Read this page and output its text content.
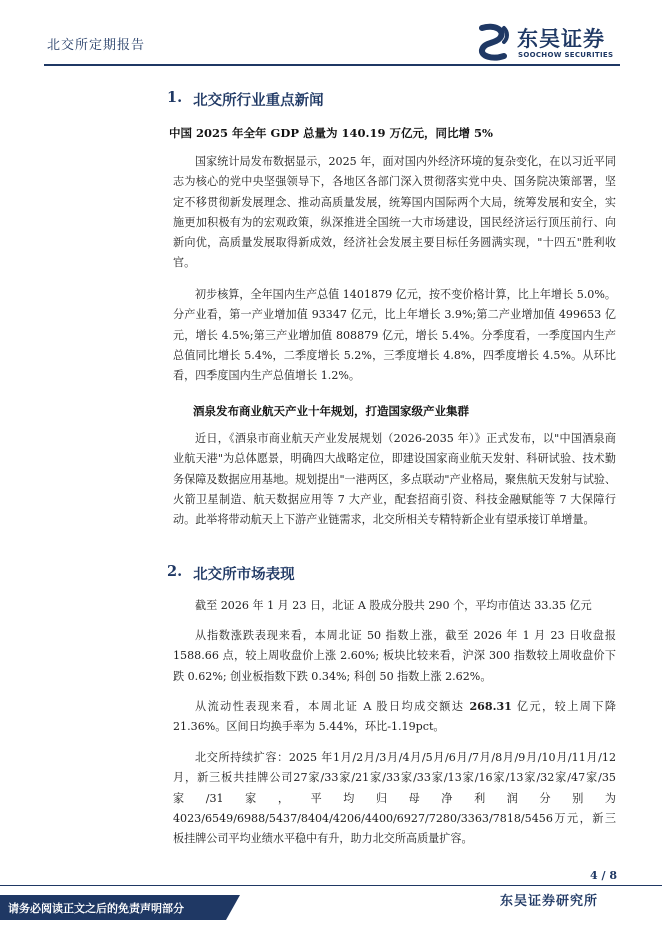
北交所定期报告	东吴证券
SOOCHOW SECURITIES
1. 北交所行业重点新闻
中国 2025 年全年 GDP 总量为 140.19 万亿元，同比增 5%
国家统计局发布数据显示，2025 年，面对国内外经济环境的复杂变化，在以习近平同志为核心的党中央坚强领导下，各地区各部门深入贯彻落实党中央、国务院决策部署，坚定不移贯彻新发展理念、推动高质量发展，统筹国内国际两个大局，统筹发展和安全，实施更加积极有为的宏观政策，纵深推进全国统一大市场建设，国民经济运行顶压前行、向新向优，高质量发展取得新成效，经济社会发展主要目标任务圆满实现，"十四五"胜利收官。
初步核算，全年国内生产总值 1401879 亿元，按不变价格计算，比上年增长 5.0%。分产业看，第一产业增加值 93347 亿元，比上年增长 3.9%;第二产业增加值 499653 亿元，增长 4.5%;第三产业增加值 808879 亿元，增长 5.4%。分季度看，一季度国内生产总值同比增长 5.4%，二季度增长 5.2%，三季度增长 4.8%，四季度增长 4.5%。从环比看，四季度国内生产总值增长 1.2%。
酒泉发布商业航天产业十年规划，打造国家级产业集群
近日，《酒泉市商业航天产业发展规划（2026-2035 年）》正式发布，以"中国酒泉商业航天港"为总体愿景，明确四大战略定位，即建设国家商业航天发射、科研试验、技术勤务保障及数据应用基地。规划提出"一港两区，多点联动"产业格局，聚焦航天发射与试验、火箭卫星制造、航天数据应用等 7 大产业，配套招商引资、科技金融赋能等 7 大保障行动。此举将带动航天上下游产业链需求，北交所相关专精特新企业有望承接订单增量。
2. 北交所市场表现
截至 2026 年 1 月 23 日，北证 A 股成分股共 290 个，平均市值达 33.35 亿元
从指数涨跌表现来看，本周北证 50 指数上涨，截至 2026 年 1 月 23 日收盘报 1588.66 点，较上周收盘价上涨 2.60%; 板块比较来看，沪深 300 指数较上周收盘价下跌 0.62%; 创业板指数下跌 0.34%; 科创 50 指数上涨 2.62%。
从流动性表现来看，本周北证 A 股日均成交额达 268.31 亿元，较上周下降 21.36%。区间日均换手率为 5.44%，环比-1.19pct。
北交所持续扩容：2025 年1月/2月/3月/4月/5月/6月/7月/8月/9月/10月/11月/12月，新三板共挂牌公司27家/33家/21家/33家/33家/13家/16家/13家/32家/47家/35家/31家，平均归母净利润分别为4023/6549/6988/5437/8404/4206/4400/6927/7280/3363/7818/5456万元，新三板挂牌公司平均业绩水平稳中有升，助力北交所高质量扩容。
4 / 8
东吴证券研究所
请务必阅读正文之后的免责声明部分
